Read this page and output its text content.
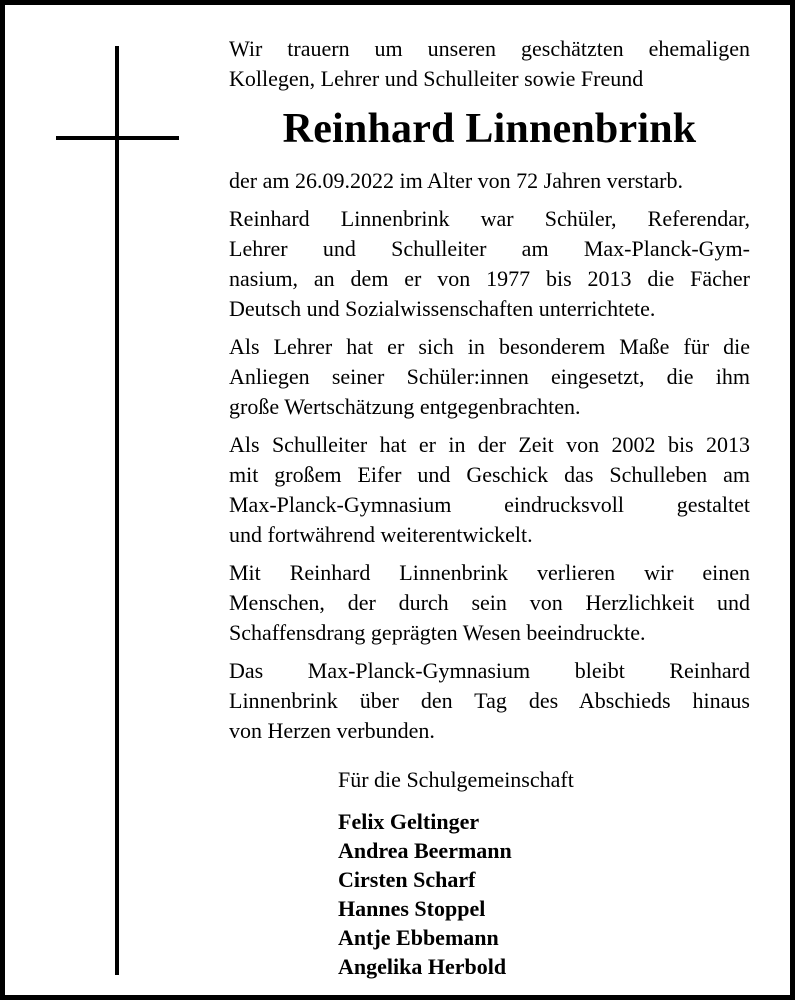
Wir trauern um unseren geschätzten ehemaligen
Kollegen, Lehrer und Schulleiter sowie Freund

Reinhard Linnenbrink

der am 26.09.2022 im Alter von 72 Jahren verstarb.

Reinhard Linnenbrink war Schüler, Referendar,
Lehrer und Schulleiter am Max-Planck-Gym-
nasium, an dem er von 1977 bis 2013 die Fächer
Deutsch und Sozialwissenschaften unterrichtete.

Als Lehrer hat er sich in besonderem Maße für die
Anliegen seiner Schüler:innen eingesetzt, die ihm
große Wertschätzung entgegenbrachten.

Als Schulleiter hat er in der Zeit von 2002 bis 2013
mit großem Eifer und Geschick das Schulleben am
Max-Planck-Gymnasium eindrucksvoll gestaltet
und fortwährend weiterentwickelt.

Mit Reinhard Linnenbrink verlieren wir einen
Menschen, der durch sein von Herzlichkeit und
Schaffensdrang geprägten Wesen beeindruckte.

Das Max-Planck-Gymnasium bleibt Reinhard
Linnenbrink über den Tag des Abschieds hinaus
von Herzen verbunden.

Für die Schulgemeinschaft

Felix Geltinger

Andrea Beermann

Cirsten Scharf

Hannes Stoppel

Antje Ebbemann

Angelika Herbold
